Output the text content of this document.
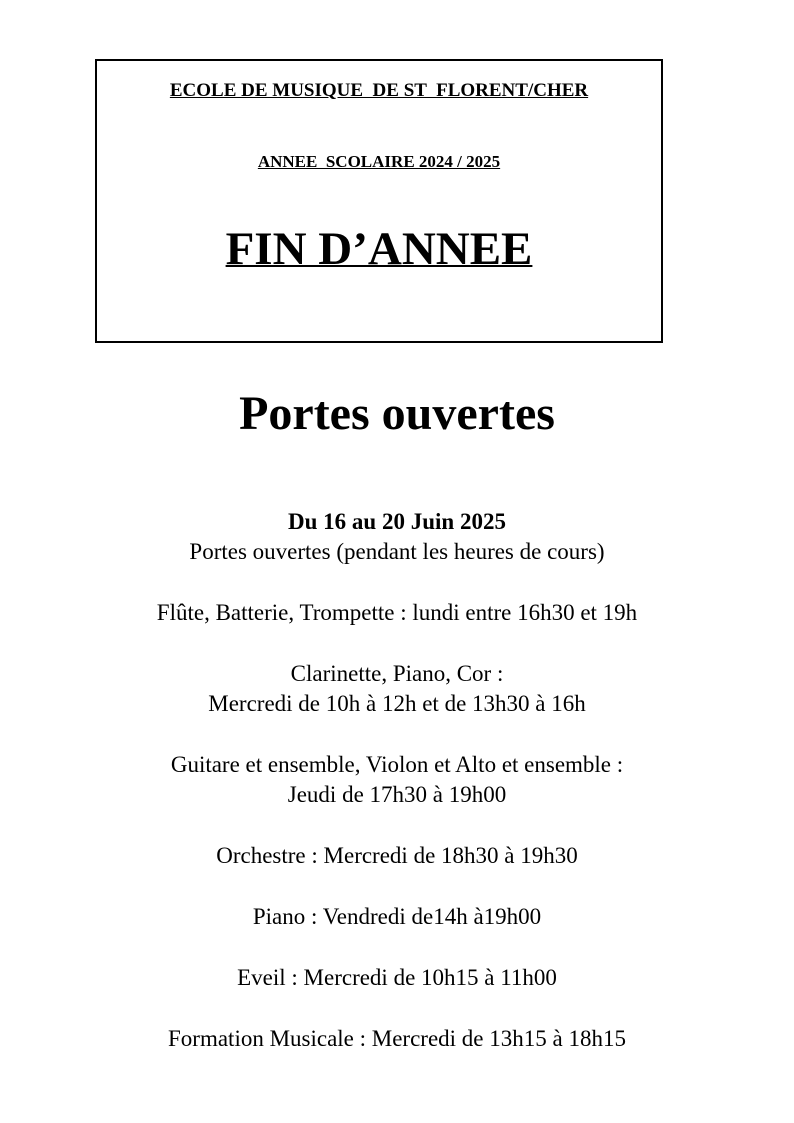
ECOLE DE MUSIQUE  DE ST  FLORENT/CHER
ANNEE  SCOLAIRE 2024 / 2025
FIN D’ANNEE
Portes ouvertes
Du 16 au 20 Juin 2025
Portes ouvertes (pendant les heures de cours)
Flûte, Batterie, Trompette : lundi entre 16h30 et 19h
Clarinette, Piano, Cor :
Mercredi de 10h à 12h et de 13h30 à 16h
Guitare et ensemble, Violon et Alto et ensemble :
Jeudi de 17h30 à 19h00
Orchestre : Mercredi de 18h30 à 19h30
Piano : Vendredi de14h à19h00
Eveil : Mercredi de 10h15 à 11h00
Formation Musicale : Mercredi de 13h15 à 18h15
